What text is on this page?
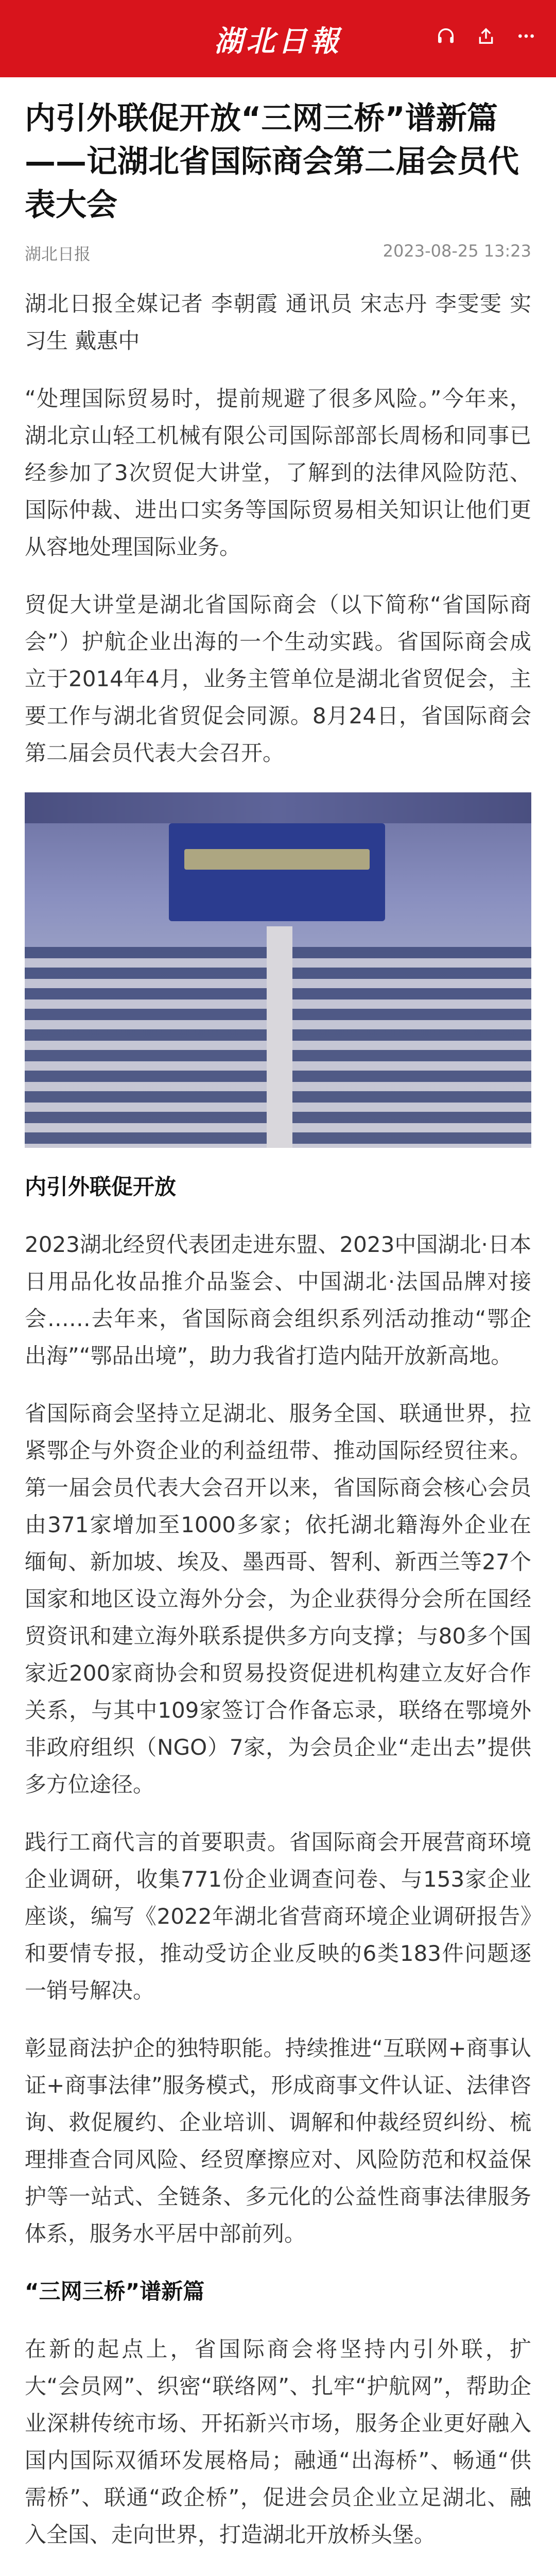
湖北日報
内引外联促开放“三网三桥”谱新篇——记湖北省国际商会第二届会员代表大会
湖北日报	2023-08-25 13:23

湖北日报全媒记者 李朝霞 通讯员 宋志丹 李雯雯 实习生 戴惠中

“处理国际贸易时，提前规避了很多风险。”今年来，湖北京山轻工机械有限公司国际部部长周杨和同事已经参加了3次贸促大讲堂，了解到的法律风险防范、国际仲裁、进出口实务等国际贸易相关知识让他们更从容地处理国际业务。

贸促大讲堂是湖北省国际商会（以下简称“省国际商会”）护航企业出海的一个生动实践。省国际商会成立于2014年4月，业务主管单位是湖北省贸促会，主要工作与湖北省贸促会同源。8月24日，省国际商会第二届会员代表大会召开。

内引外联促开放

2023湖北经贸代表团走进东盟、2023中国湖北·日本日用品化妆品推介品鉴会、中国湖北·法国品牌对接会……去年来，省国际商会组织系列活动推动“鄂企出海”“鄂品出境”，助力我省打造内陆开放新高地。

省国际商会坚持立足湖北、服务全国、联通世界，拉紧鄂企与外资企业的利益纽带、推动国际经贸往来。第一届会员代表大会召开以来，省国际商会核心会员由371家增加至1000多家；依托湖北籍海外企业在缅甸、新加坡、埃及、墨西哥、智利、新西兰等27个国家和地区设立海外分会，为企业获得分会所在国经贸资讯和建立海外联系提供多方向支撑；与80多个国家近200家商协会和贸易投资促进机构建立友好合作关系，与其中109家签订合作备忘录，联络在鄂境外非政府组织（NGO）7家，为会员企业“走出去”提供多方位途径。

践行工商代言的首要职责。省国际商会开展营商环境企业调研，收集771份企业调查问卷、与153家企业座谈，编写《2022年湖北省营商环境企业调研报告》和要情专报，推动受访企业反映的6类183件问题逐一销号解决。

彰显商法护企的独特职能。持续推进“互联网+商事认证+商事法律”服务模式，形成商事文件认证、法律咨询、救促履约、企业培训、调解和仲裁经贸纠纷、梳理排查合同风险、经贸摩擦应对、风险防范和权益保护等一站式、全链条、多元化的公益性商事法律服务体系，服务水平居中部前列。

“三网三桥”谱新篇

在新的起点上，省国际商会将坚持内引外联，扩大“会员网”、织密“联络网”、扎牢“护航网”，帮助企业深耕传统市场、开拓新兴市场，服务企业更好融入国内国际双循环发展格局；融通“出海桥”、畅通“供需桥”、联通“政企桥”，促进会员企业立足湖北、融入全国、走向世界，打造湖北开放桥头堡。
